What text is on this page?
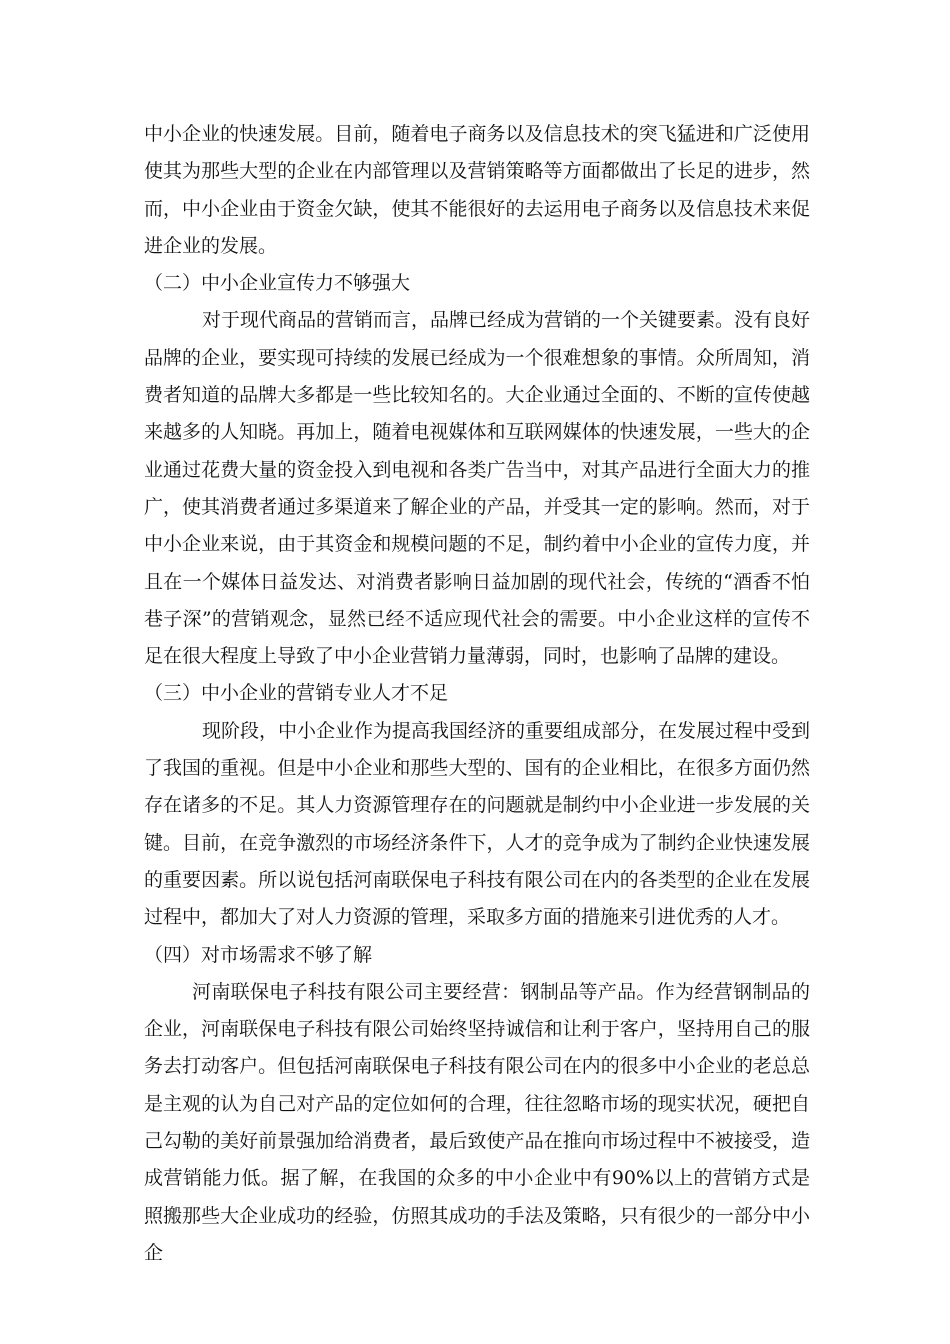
中小企业的快速发展。目前，随着电子商务以及信息技术的突飞猛进和广泛使用使其为那些大型的企业在内部管理以及营销策略等方面都做出了长足的进步，然而，中小企业由于资金欠缺，使其不能很好的去运用电子商务以及信息技术来促进企业的发展。

（二）中小企业宣传力不够强大

对于现代商品的营销而言，品牌已经成为营销的一个关键要素。没有良好品牌的企业，要实现可持续的发展已经成为一个很难想象的事情。众所周知，消费者知道的品牌大多都是一些比较知名的。大企业通过全面的、不断的宣传使越来越多的人知晓。再加上，随着电视媒体和互联网媒体的快速发展，一些大的企业通过花费大量的资金投入到电视和各类广告当中，对其产品进行全面大力的推广，使其消费者通过多渠道来了解企业的产品，并受其一定的影响。然而，对于中小企业来说，由于其资金和规模问题的不足，制约着中小企业的宣传力度，并且在一个媒体日益发达、对消费者影响日益加剧的现代社会，传统的“酒香不怕巷子深”的营销观念，显然已经不适应现代社会的需要。中小企业这样的宣传不足在很大程度上导致了中小企业营销力量薄弱，同时，也影响了品牌的建设。

（三）中小企业的营销专业人才不足

现阶段，中小企业作为提高我国经济的重要组成部分，在发展过程中受到了我国的重视。但是中小企业和那些大型的、国有的企业相比，在很多方面仍然存在诸多的不足。其人力资源管理存在的问题就是制约中小企业进一步发展的关键。目前，在竞争激烈的市场经济条件下，人才的竞争成为了制约企业快速发展的重要因素。所以说包括河南联保电子科技有限公司在内的各类型的企业在发展过程中，都加大了对人力资源的管理，采取多方面的措施来引进优秀的人才。

（四）对市场需求不够了解

河南联保电子科技有限公司主要经营：钢制品等产品。作为经营钢制品的企业，河南联保电子科技有限公司始终坚持诚信和让利于客户，坚持用自己的服务去打动客户。但包括河南联保电子科技有限公司在内的很多中小企业的老总总是主观的认为自己对产品的定位如何的合理，往往忽略市场的现实状况，硬把自己勾勒的美好前景强加给消费者，最后致使产品在推向市场过程中不被接受，造成营销能力低。据了解，在我国的众多的中小企业中有90%以上的营销方式是照搬那些大企业成功的经验，仿照其成功的手法及策略，只有很少的一部分中小企
